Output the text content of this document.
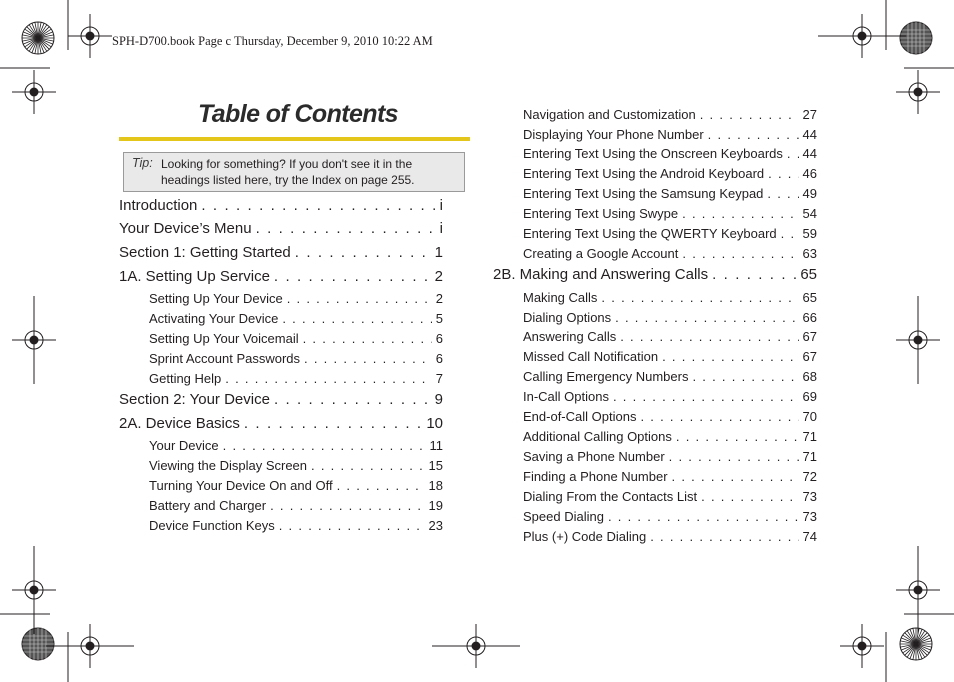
SPH-D700.book Page c Thursday, December 9, 2010 10:22 AM
Table of Contents
Tip: Looking for something? If you don't see it in the headings listed here, try the Index on page 255.
Introduction . . .	i
Your Device’s Menu . . .	i
Section 1: Getting Started . . .	1
1A. Setting Up Service . . .	2
Setting Up Your Device . . .	2
Activating Your Device . . .	5
Setting Up Your Voicemail . . .	6
Sprint Account Passwords . . .	6
Getting Help . . .	7
Section 2: Your Device . . .	9
2A. Device Basics . . .	10
Your Device . . .	11
Viewing the Display Screen . . .	15
Turning Your Device On and Off . . .	18
Battery and Charger . . .	19
Device Function Keys . . .	23
Navigation and Customization . . .	27
Displaying Your Phone Number . . .	44
Entering Text Using the Onscreen Keyboards . . . 44
Entering Text Using the Android Keyboard . . .	46
Entering Text Using the Samsung Keypad . . .	49
Entering Text Using Swype . . .	54
Entering Text Using the QWERTY Keyboard . . . 59
Creating a Google Account . . .	63
2B. Making and Answering Calls . . .	65
Making Calls . . .	65
Dialing Options . . .	66
Answering Calls . . .	67
Missed Call Notification . . .	67
Calling Emergency Numbers . . .	68
In-Call Options . . .	69
End-of-Call Options . . .	70
Additional Calling Options . . .	71
Saving a Phone Number . . .	71
Finding a Phone Number . . .	72
Dialing From the Contacts List . . .	73
Speed Dialing . . .	73
Plus (+) Code Dialing . . .	74
